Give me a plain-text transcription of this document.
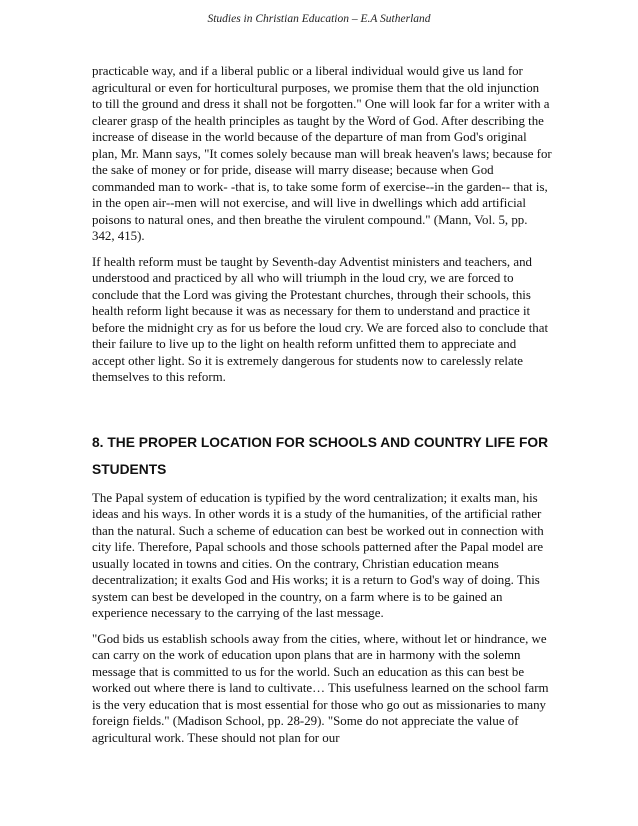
Studies in Christian Education – E.A Sutherland

practicable way, and if a liberal public or a liberal individual would give us land for agricultural or even for horticultural purposes, we promise them that the old injunction to till the ground and dress it shall not be forgotten." One will look far for a writer with a clearer grasp of the health principles as taught by the Word of God. After describing the increase of disease in the world because of the departure of man from God's original plan, Mr. Mann says, "It comes solely because man will break heaven's laws; because for the sake of money or for pride, disease will marry disease; because when God commanded man to work- -that is, to take some form of exercise--in the garden-- that is, in the open air--men will not exercise, and will live in dwellings which add artificial poisons to natural ones, and then breathe the virulent compound." (Mann, Vol. 5, pp. 342, 415).

If health reform must be taught by Seventh-day Adventist ministers and teachers, and understood and practiced by all who will triumph in the loud cry, we are forced to conclude that the Lord was giving the Protestant churches, through their schools, this health reform light because it was as necessary for them to understand and practice it before the midnight cry as for us before the loud cry. We are forced also to conclude that their failure to live up to the light on health reform unfitted them to appreciate and accept other light. So it is extremely dangerous for students now to carelessly relate themselves to this reform.

8. THE PROPER LOCATION FOR SCHOOLS AND COUNTRY LIFE FOR STUDENTS

The Papal system of education is typified by the word centralization; it exalts man, his ideas and his ways. In other words it is a study of the humanities, of the artificial rather than the natural. Such a scheme of education can best be worked out in connection with city life. Therefore, Papal schools and those schools patterned after the Papal model are usually located in towns and cities. On the contrary, Christian education means decentralization; it exalts God and His works; it is a return to God's way of doing. This system can best be developed in the country, on a farm where is to be gained an experience necessary to the carrying of the last message.

"God bids us establish schools away from the cities, where, without let or hindrance, we can carry on the work of education upon plans that are in harmony with the solemn message that is committed to us for the world. Such an education as this can best be worked out where there is land to cultivate… This usefulness learned on the school farm is the very education that is most essential for those who go out as missionaries to many foreign fields." (Madison School, pp. 28-29). "Some do not appreciate the value of agricultural work. These should not plan for our
